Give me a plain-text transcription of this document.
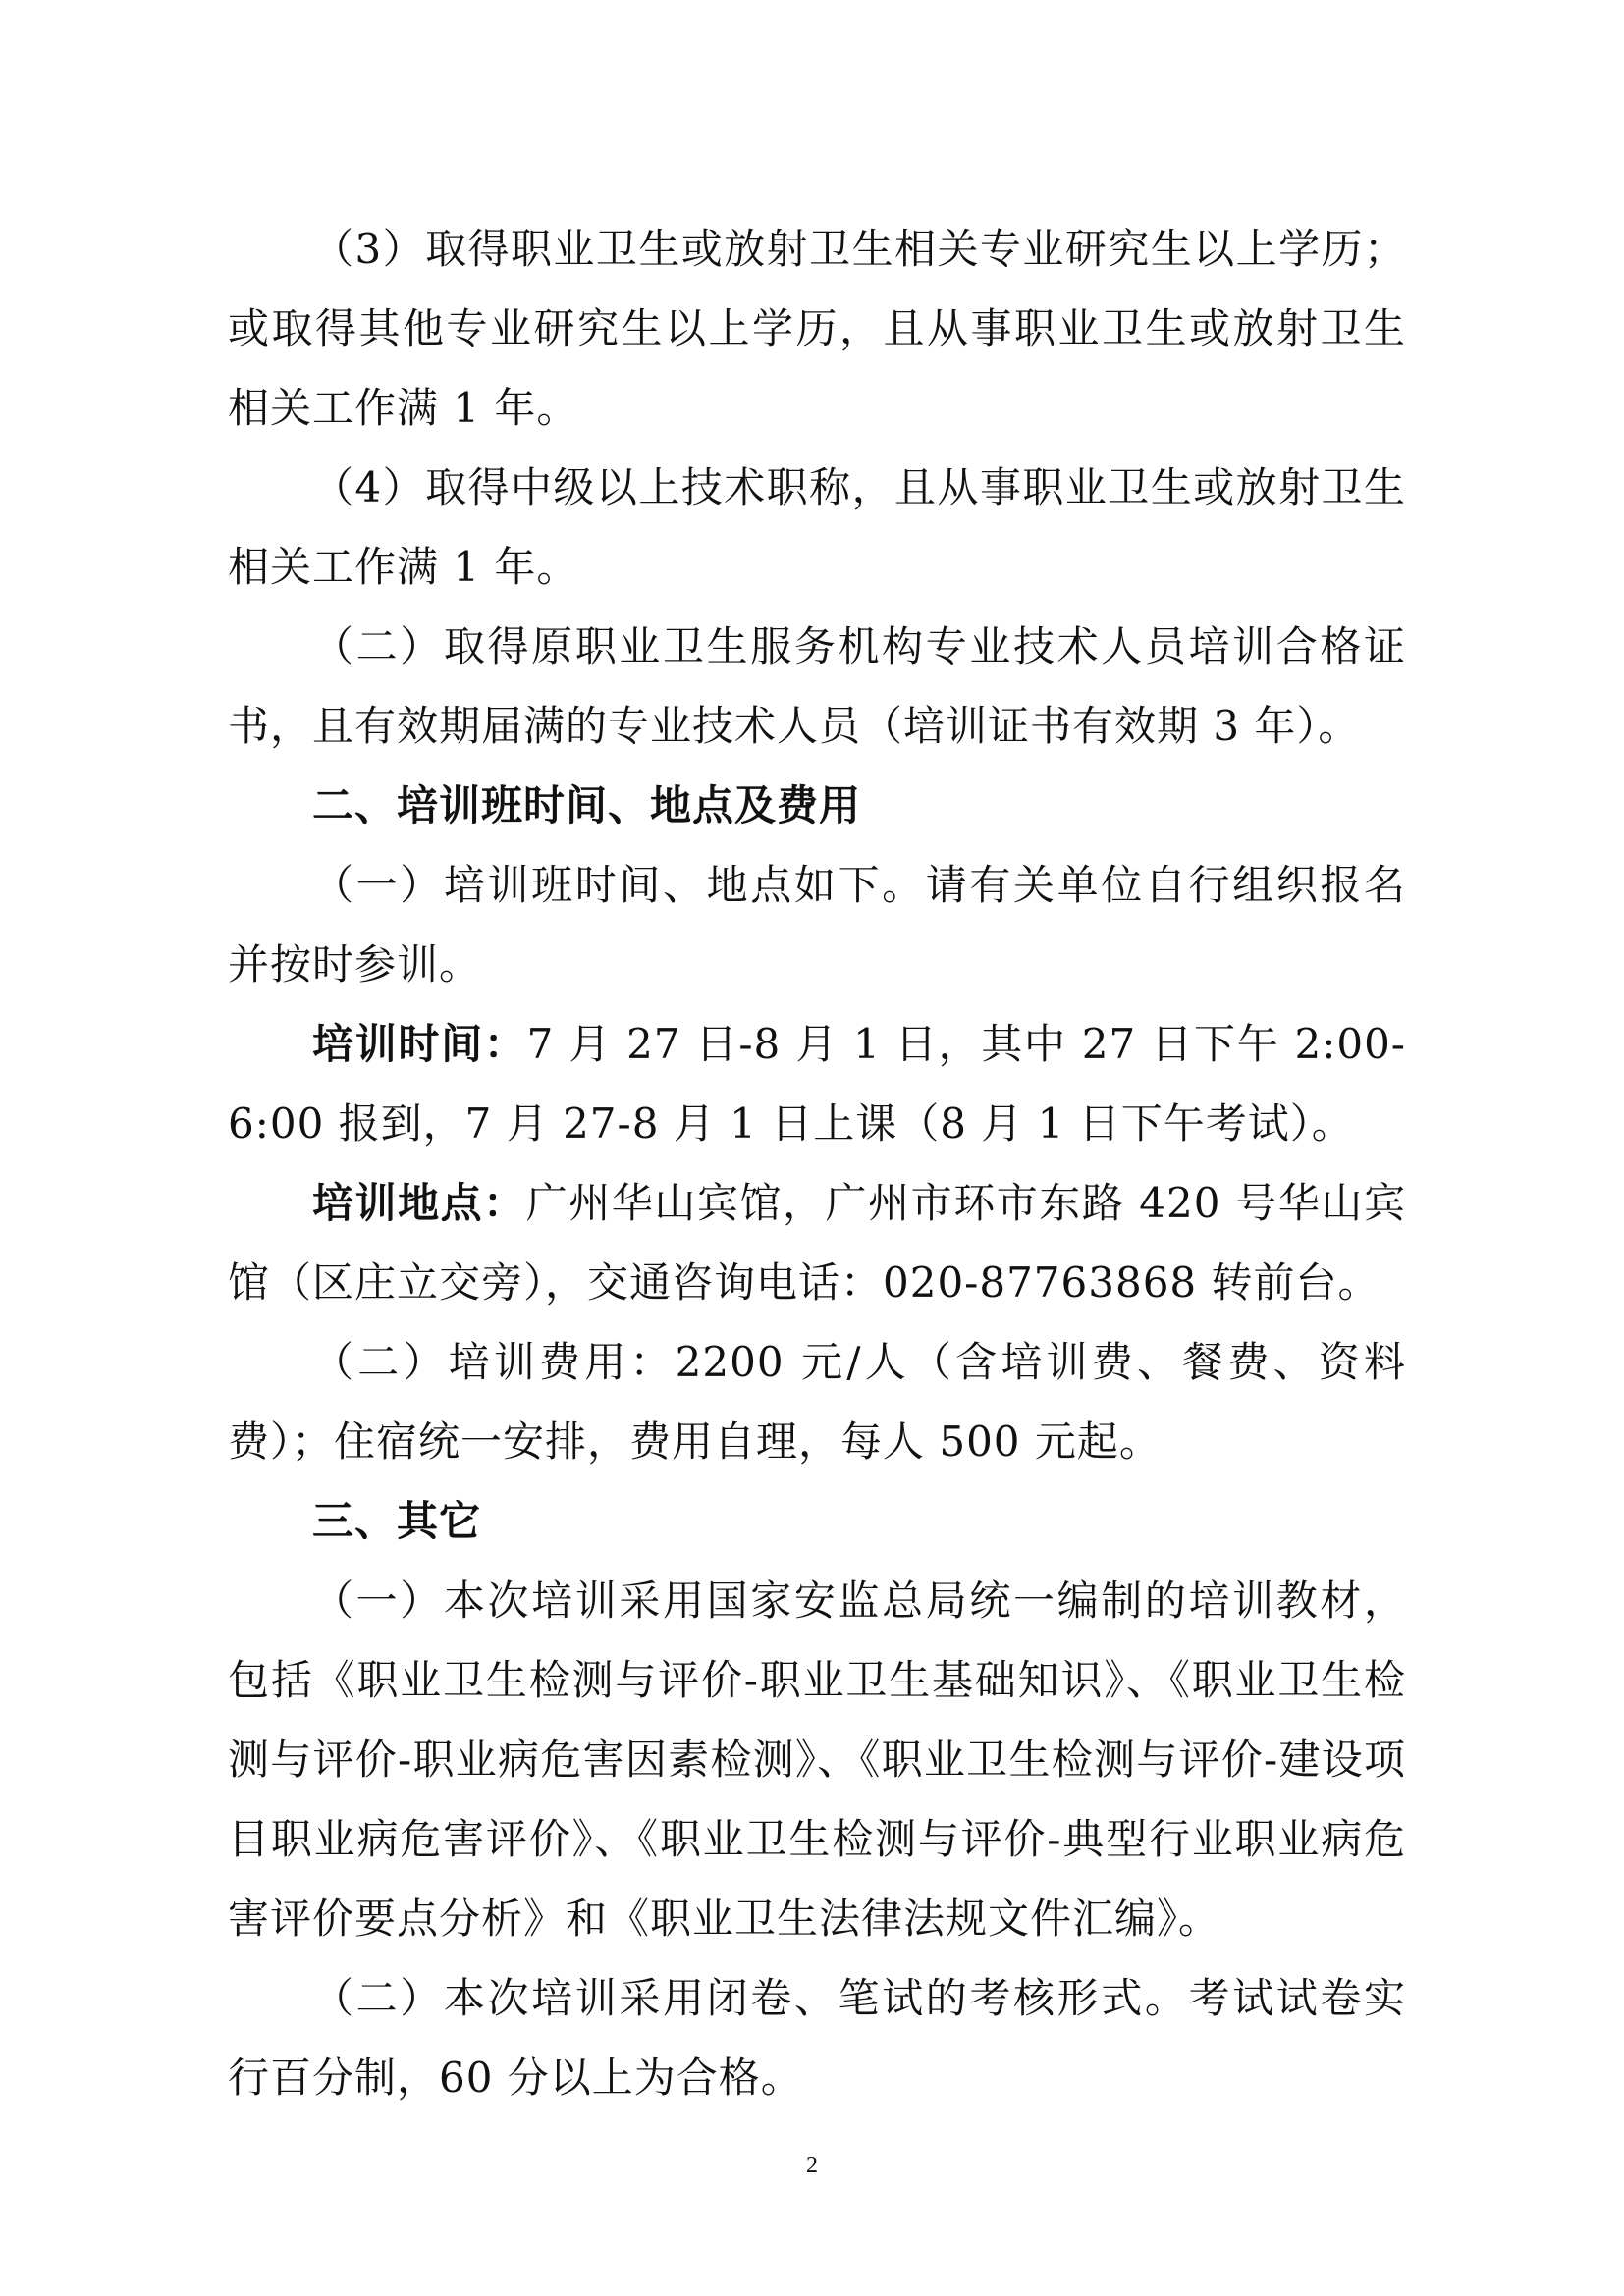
（3）取得职业卫生或放射卫生相关专业研究生以上学历；或取得其他专业研究生以上学历，且从事职业卫生或放射卫生相关工作满 1 年。

（4）取得中级以上技术职称，且从事职业卫生或放射卫生相关工作满 1 年。

（二）取得原职业卫生服务机构专业技术人员培训合格证书，且有效期届满的专业技术人员（培训证书有效期 3 年）。

二、培训班时间、地点及费用

（一）培训班时间、地点如下。请有关单位自行组织报名并按时参训。

培训时间：7 月 27 日-8 月 1 日，其中 27 日下午 2:00-6:00 报到，7 月 27-8 月 1 日上课（8 月 1 日下午考试）。

培训地点：广州华山宾馆，广州市环市东路 420 号华山宾馆（区庄立交旁），交通咨询电话：020-87763868 转前台。

（二）培训费用：2200 元/人（含培训费、餐费、资料费）；住宿统一安排，费用自理，每人 500 元起。

三、其它

（一）本次培训采用国家安监总局统一编制的培训教材，包括《职业卫生检测与评价-职业卫生基础知识》、《职业卫生检测与评价-职业病危害因素检测》、《职业卫生检测与评价-建设项目职业病危害评价》、《职业卫生检测与评价-典型行业职业病危害评价要点分析》和《职业卫生法律法规文件汇编》。

（二）本次培训采用闭卷、笔试的考核形式。考试试卷实行百分制，60 分以上为合格。

2
